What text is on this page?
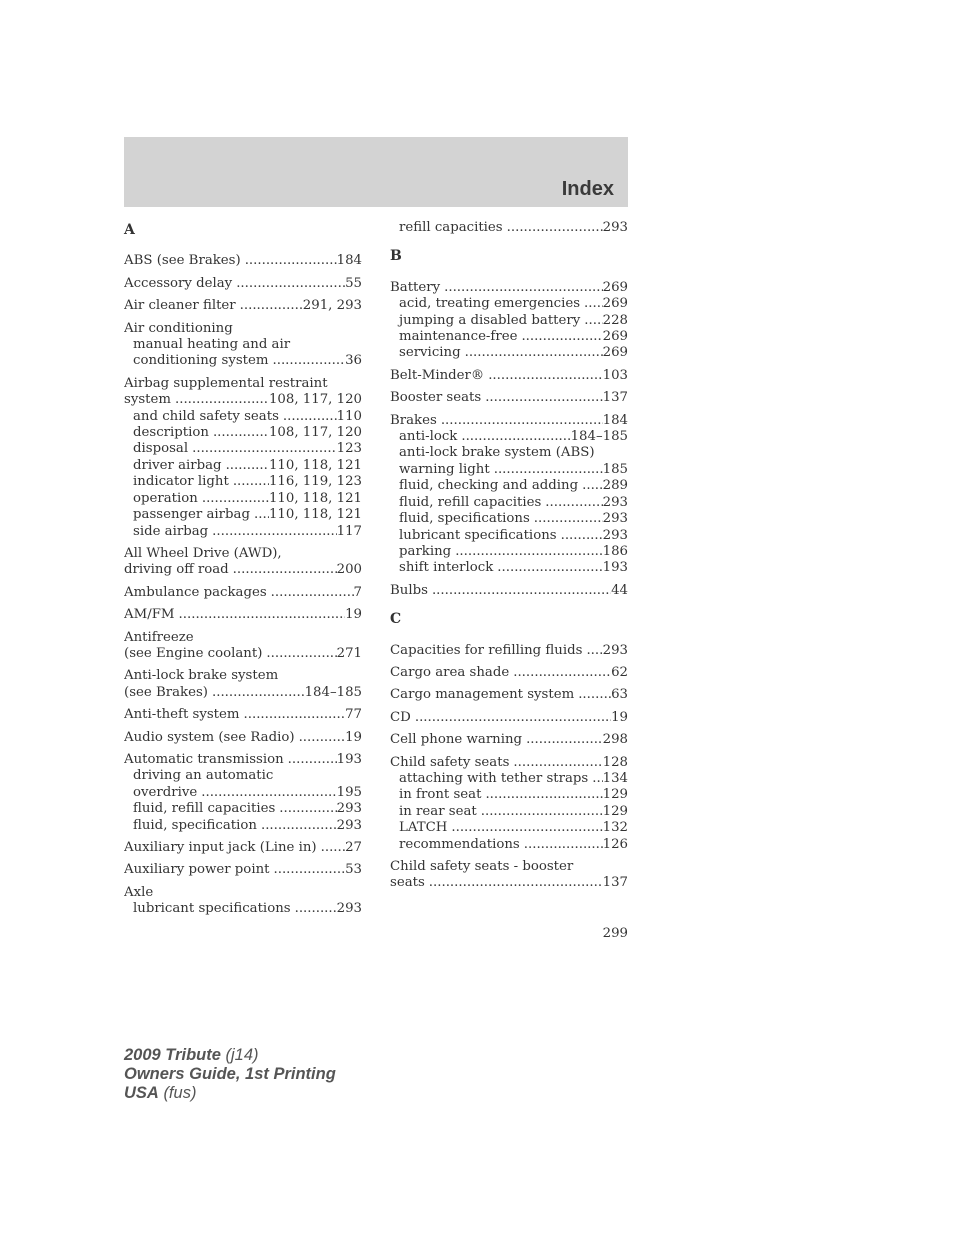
Index
A
ABS (see Brakes) .....	184
Accessory delay .....	55
Air cleaner filter .....	291, 293
Air conditioning
manual heating and air
conditioning system .....	36
Airbag supplemental restraint
system .....	108, 117, 120
and child safety seats .....	110
description .....	108, 117, 120
disposal .....	123
driver airbag .....	110, 118, 121
indicator light .....	116, 119, 123
operation .....	110, 118, 121
passenger airbag .....	110, 118, 121
side airbag .....	117
All Wheel Drive (AWD),
driving off road .....	200
Ambulance packages .....	7
AM/FM .....	19
Antifreeze
(see Engine coolant) .....	271
Anti-lock brake system
(see Brakes) .....	184–185
Anti-theft system .....	77
Audio system (see Radio) .....	19
Automatic transmission .....	193
driving an automatic
overdrive .....	195
fluid, refill capacities .....	293
fluid, specification .....	293
Auxiliary input jack (Line in) .....	27
Auxiliary power point .....	53
Axle
lubricant specifications .....	293
refill capacities .....	293
B
Battery .....	269
acid, treating emergencies .....	269
jumping a disabled battery .....	228
maintenance-free .....	269
servicing .....	269
Belt-Minder® .....	103
Booster seats .....	137
Brakes .....	184
anti-lock .....	184–185
anti-lock brake system (ABS)
warning light .....	185
fluid, checking and adding .....	289
fluid, refill capacities .....	293
fluid, specifications .....	293
lubricant specifications .....	293
parking .....	186
shift interlock .....	193
Bulbs .....	44
C
Capacities for refilling fluids .....	293
Cargo area shade .....	62
Cargo management system .....	63
CD .....	19
Cell phone warning .....	298
Child safety seats .....	128
attaching with tether straps .....	134
in front seat .....	129
in rear seat .....	129
LATCH .....	132
recommendations .....	126
Child safety seats - booster
seats .....	137
299
2009 Tribute (j14)
Owners Guide, 1st Printing
USA (fus)
